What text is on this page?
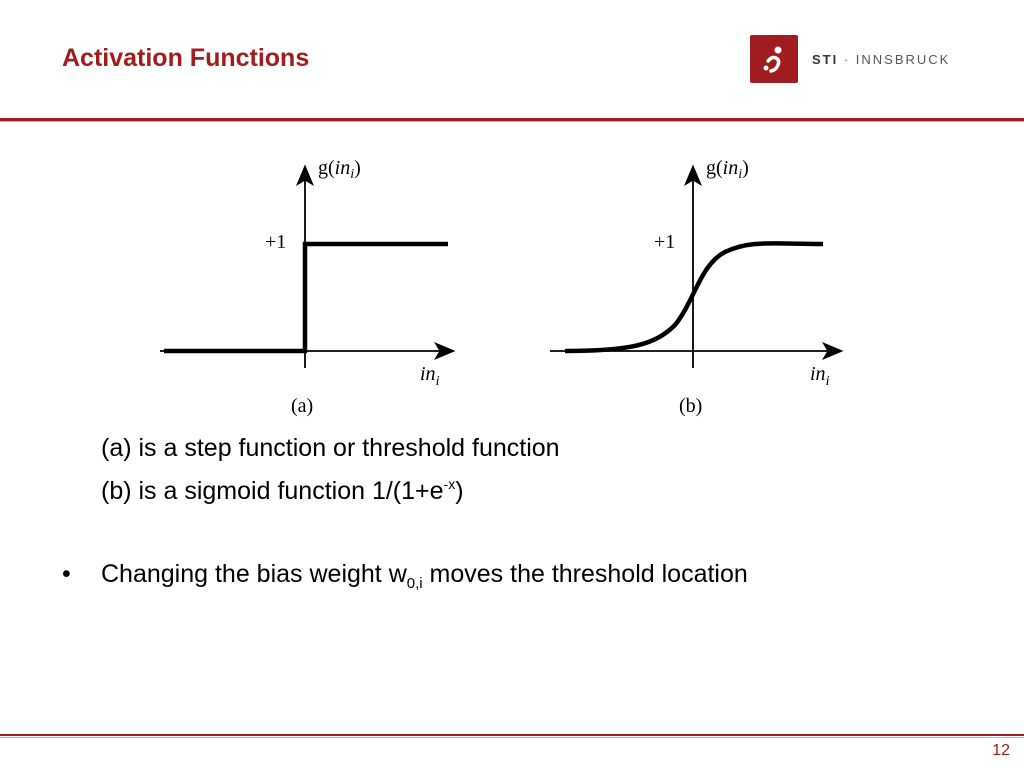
Activation Functions	STI · INNSBRUCK
$g(in_i)$
+1
$in_i$
(a)
$g(in_i)$
+1
$in_i$
(b)
(a) is a step function or threshold function
(b) is a sigmoid function $1/(1+e^{-x})$
• Changing the bias weight $w_{0,i}$ moves the threshold location
12
